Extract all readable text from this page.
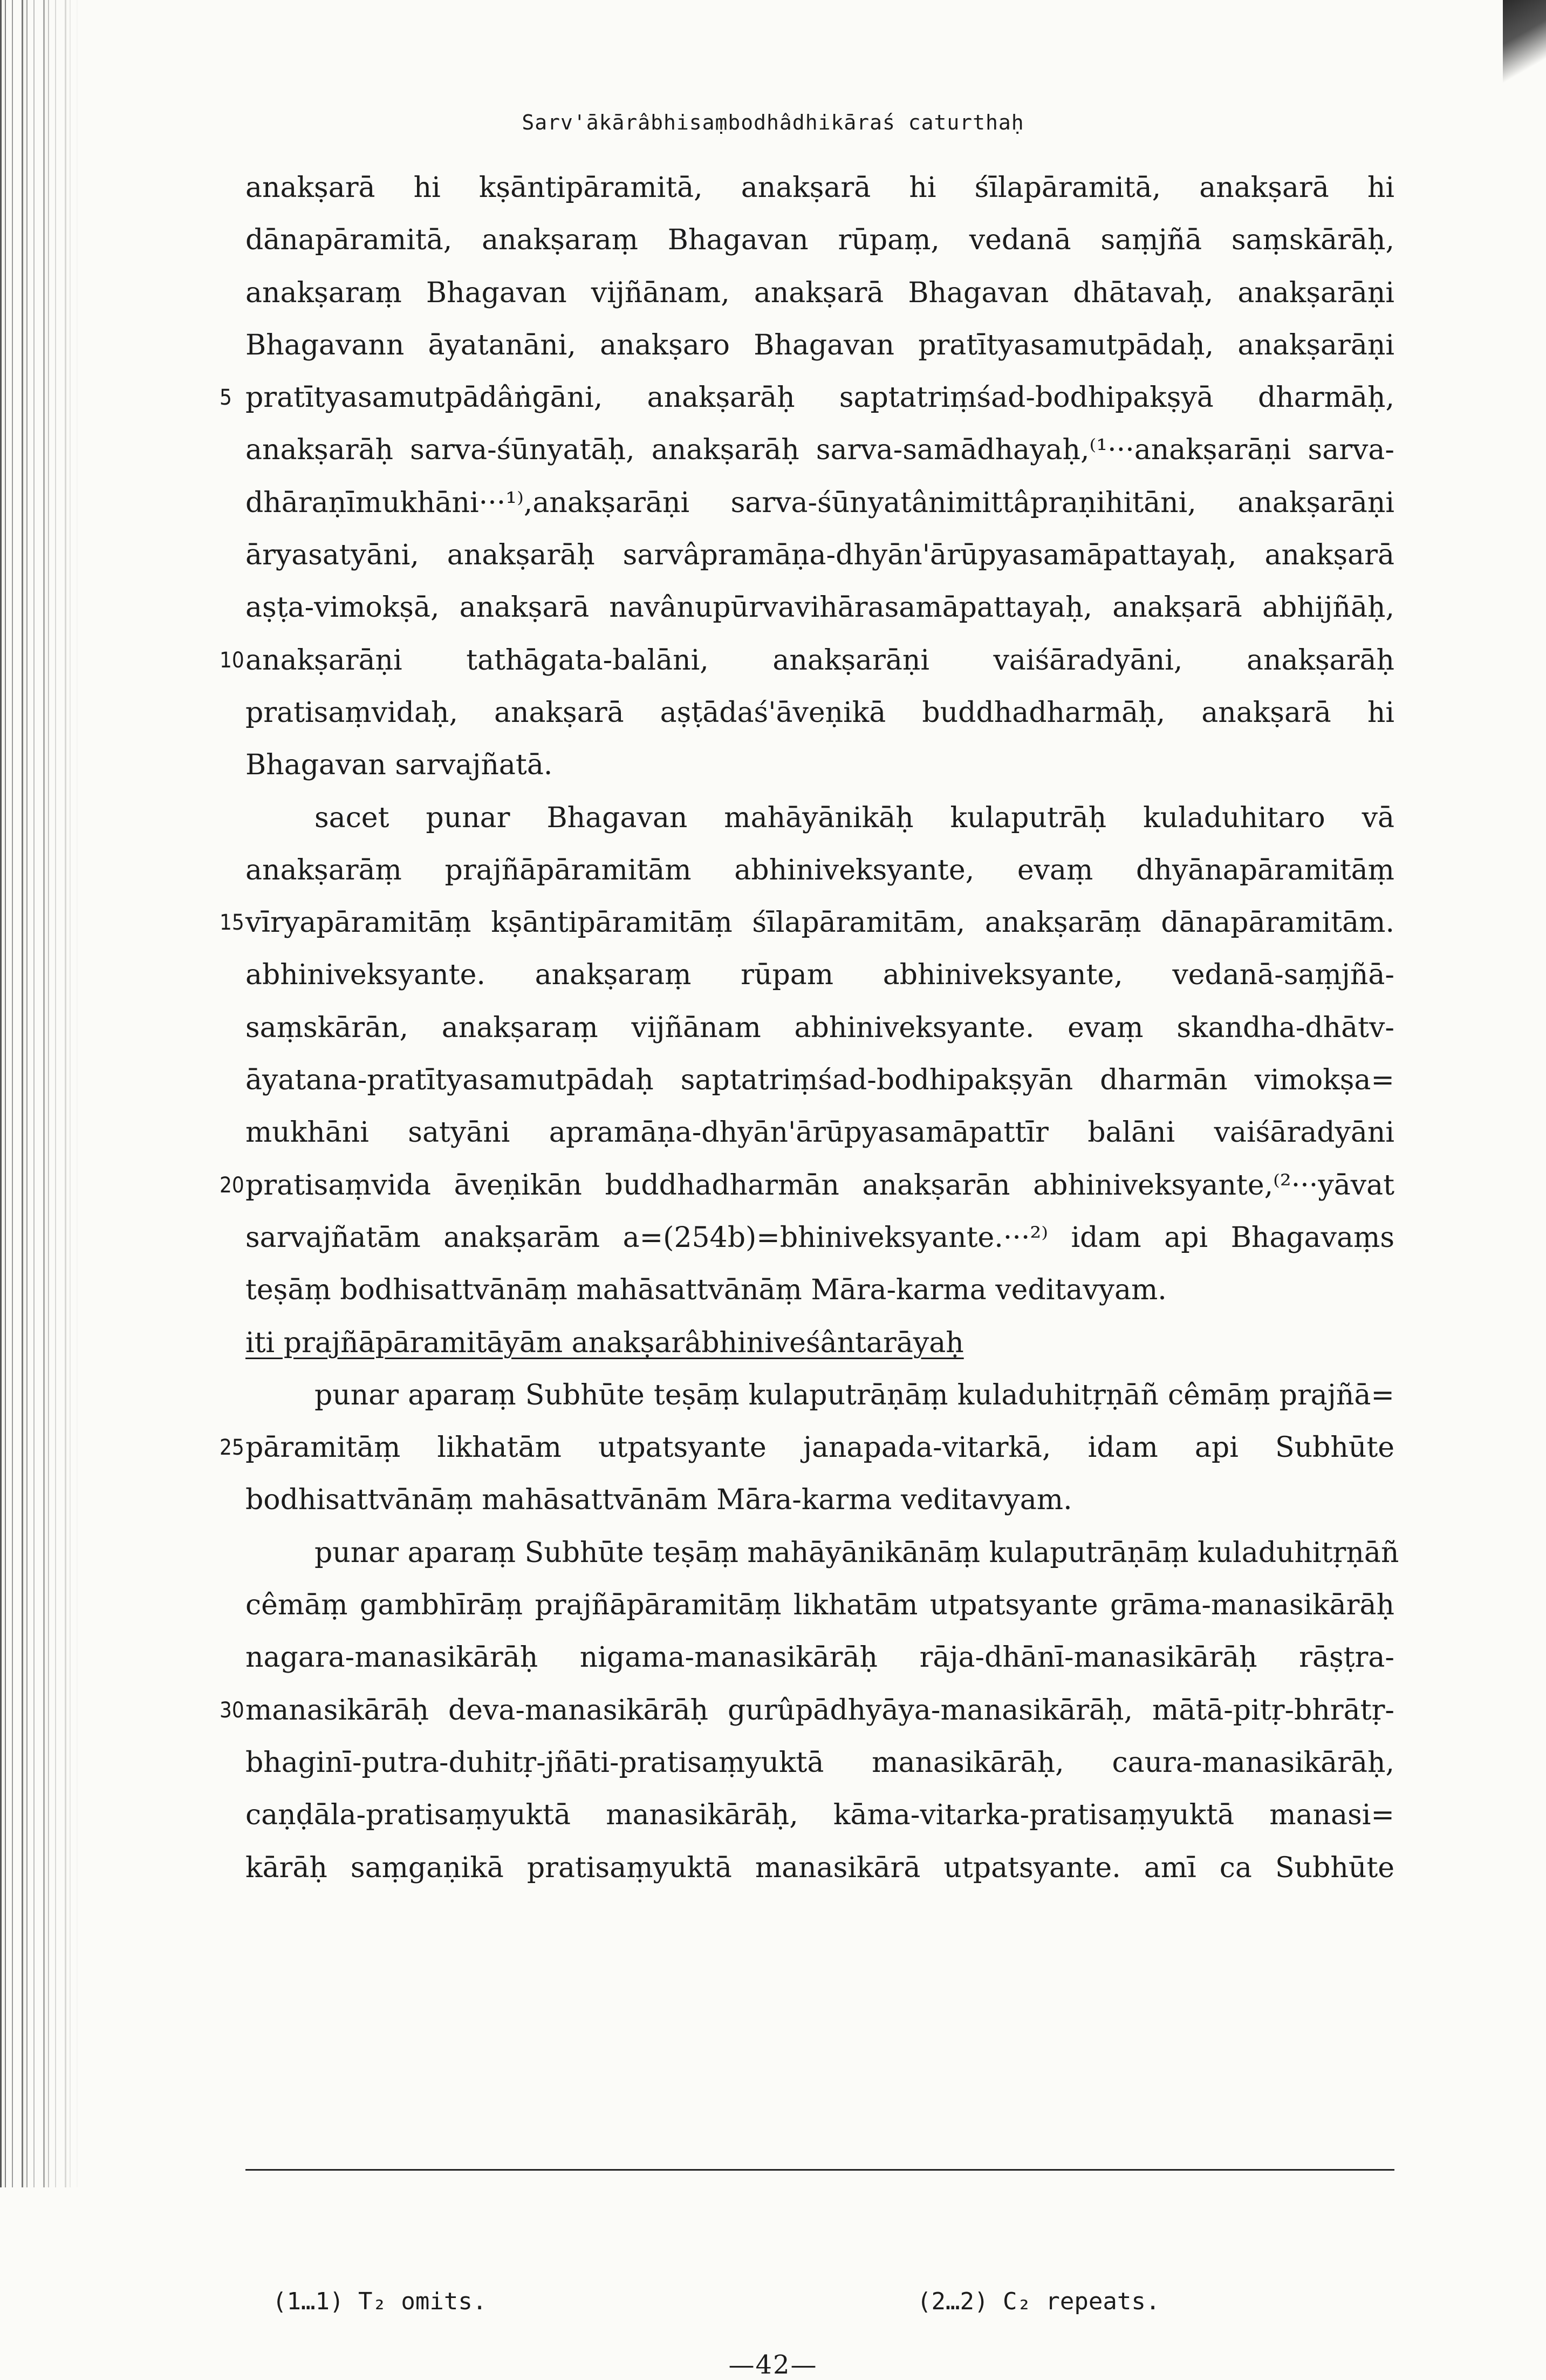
Sarv'ākārâbhisaṃbodhâdhikāraś caturthaḥ
anakṣarā hi kṣāntipāramitā, anakṣarā hi śīlapāramitā, anakṣarā hi
dānapāramitā, anakṣaraṃ Bhagavan rūpaṃ, vedanā saṃjñā saṃskārāḥ,
anakṣaraṃ Bhagavan vijñānam, anakṣarā Bhagavan dhātavaḥ, anakṣarāṇi
Bhagavann āyatanāni, anakṣaro Bhagavan pratītyasamutpādaḥ, anakṣarāṇi
5 pratītyasamutpādâṅgāni, anakṣarāḥ saptatriṃśad-bodhipakṣyā dharmāḥ,
anakṣarāḥ sarva-śūnyatāḥ, anakṣarāḥ sarva-samādhayaḥ,⁽¹···anakṣarāṇi sarva-
dhāraṇīmukhāni···¹⁾,anakṣarāṇi sarva-śūnyatânimittâpraṇihitāni, anakṣarāṇi
āryasatyāni, anakṣarāḥ sarvâpramāṇa-dhyān'ārūpyasamāpattayaḥ, anakṣarā
aṣṭa-vimokṣā, anakṣarā navânupūrvavihārasamāpattayaḥ, anakṣarā abhijñāḥ,
10 anakṣarāṇi tathāgata-balāni, anakṣarāṇi vaiśāradyāni, anakṣarāḥ
pratisaṃvidaḥ, anakṣarā aṣṭādaś'āveṇikā buddhadharmāḥ, anakṣarā hi
Bhagavan sarvajñatā.
sacet punar Bhagavan mahāyānikāḥ kulaputrāḥ kuladuhitaro vā
anakṣarāṃ prajñāpāramitām abhiniveksyante, evaṃ dhyānapāramitāṃ
15 vīryapāramitāṃ kṣāntipāramitāṃ śīlapāramitām, anakṣarāṃ dānapāramitām.
abhiniveksyante. anakṣaraṃ rūpam abhiniveksyante, vedanā-saṃjñā-
saṃskārān, anakṣaraṃ vijñānam abhiniveksyante. evaṃ skandha-dhātv-
āyatana-pratītyasamutpādaḥ saptatriṃśad-bodhipakṣyān dharmān vimokṣa=
mukhāni satyāni apramāṇa-dhyān'ārūpyasamāpattīr balāni vaiśāradyāni
20 pratisaṃvida āveṇikān buddhadharmān anakṣarān abhiniveksyante,⁽²···yāvat
sarvajñatām anakṣarām a=(254b)=bhiniveksyante.···²⁾ idam api Bhagavaṃs
teṣāṃ bodhisattvānāṃ mahāsattvānāṃ Māra-karma veditavyam.
iti prajñāpāramitāyām anakṣarâbhiniveśântarāyaḥ
punar aparaṃ Subhūte teṣāṃ kulaputrāṇāṃ kuladuhitṛṇāñ cêmāṃ prajñā=
25 pāramitāṃ likhatām utpatsyante janapada-vitarkā, idam api Subhūte
bodhisattvānāṃ mahāsattvānām Māra-karma veditavyam.
punar aparaṃ Subhūte teṣāṃ mahāyānikānāṃ kulaputrāṇāṃ kuladuhitṛṇāñ
cêmāṃ gambhīrāṃ prajñāpāramitāṃ likhatām utpatsyante grāma-manasikārāḥ
nagara-manasikārāḥ nigama-manasikārāḥ rāja-dhānī-manasikārāḥ rāṣṭra-
30 manasikārāḥ deva-manasikārāḥ gurûpādhyāya-manasikārāḥ, mātā-pitṛ-bhrātṛ-
bhaginī-putra-duhitṛ-jñāti-pratisaṃyuktā manasikārāḥ, caura-manasikārāḥ,
caṇḍāla-pratisaṃyuktā manasikārāḥ, kāma-vitarka-pratisaṃyuktā manasi=
kārāḥ saṃgaṇikā pratisaṃyuktā manasikārā utpatsyante. amī ca Subhūte
(1…1) T₂ omits.	(2…2) C₂ repeats.
—42—
